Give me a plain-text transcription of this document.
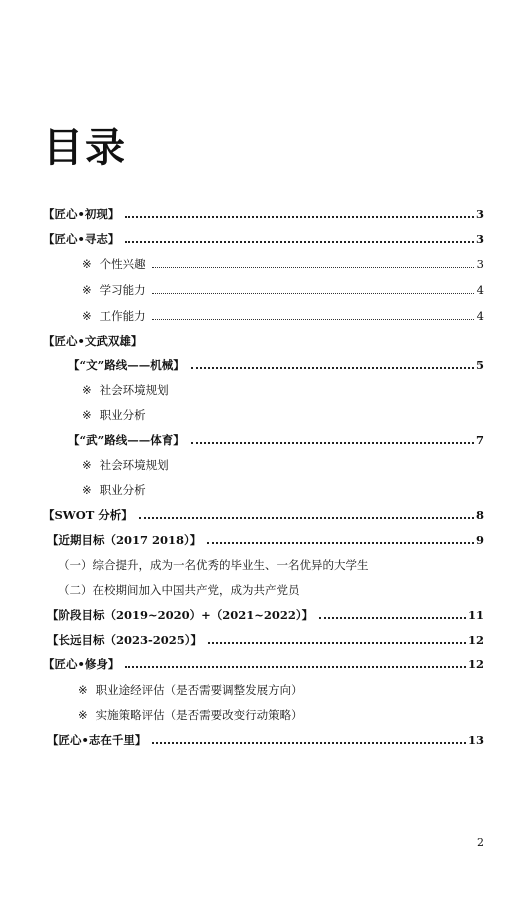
目录
【匠心•初现】	3
【匠心•寻志】	3
※ 个性兴趣	3
※ 学习能力	4
※ 工作能力	4
【匠心•文武双雄】
【“文”路线——机械】	5
※ 社会环境规划
※ 职业分析
【“武”路线——体育】	7
※ 社会环境规划
※ 职业分析
【SWOT 分析】	8
【近期目标（2017 2018）】	9
（一）综合提升，成为一名优秀的毕业生、一名优异的大学生
（二）在校期间加入中国共产党，成为共产党员
【阶段目标（2019~2020）+（2021~2022）】	11
【长远目标（2023-2025）】	12
【匠心•修身】	12
※ 职业途经评估（是否需要调整发展方向）
※ 实施策略评估（是否需要改变行动策略）
【匠心•志在千里】	13
2
